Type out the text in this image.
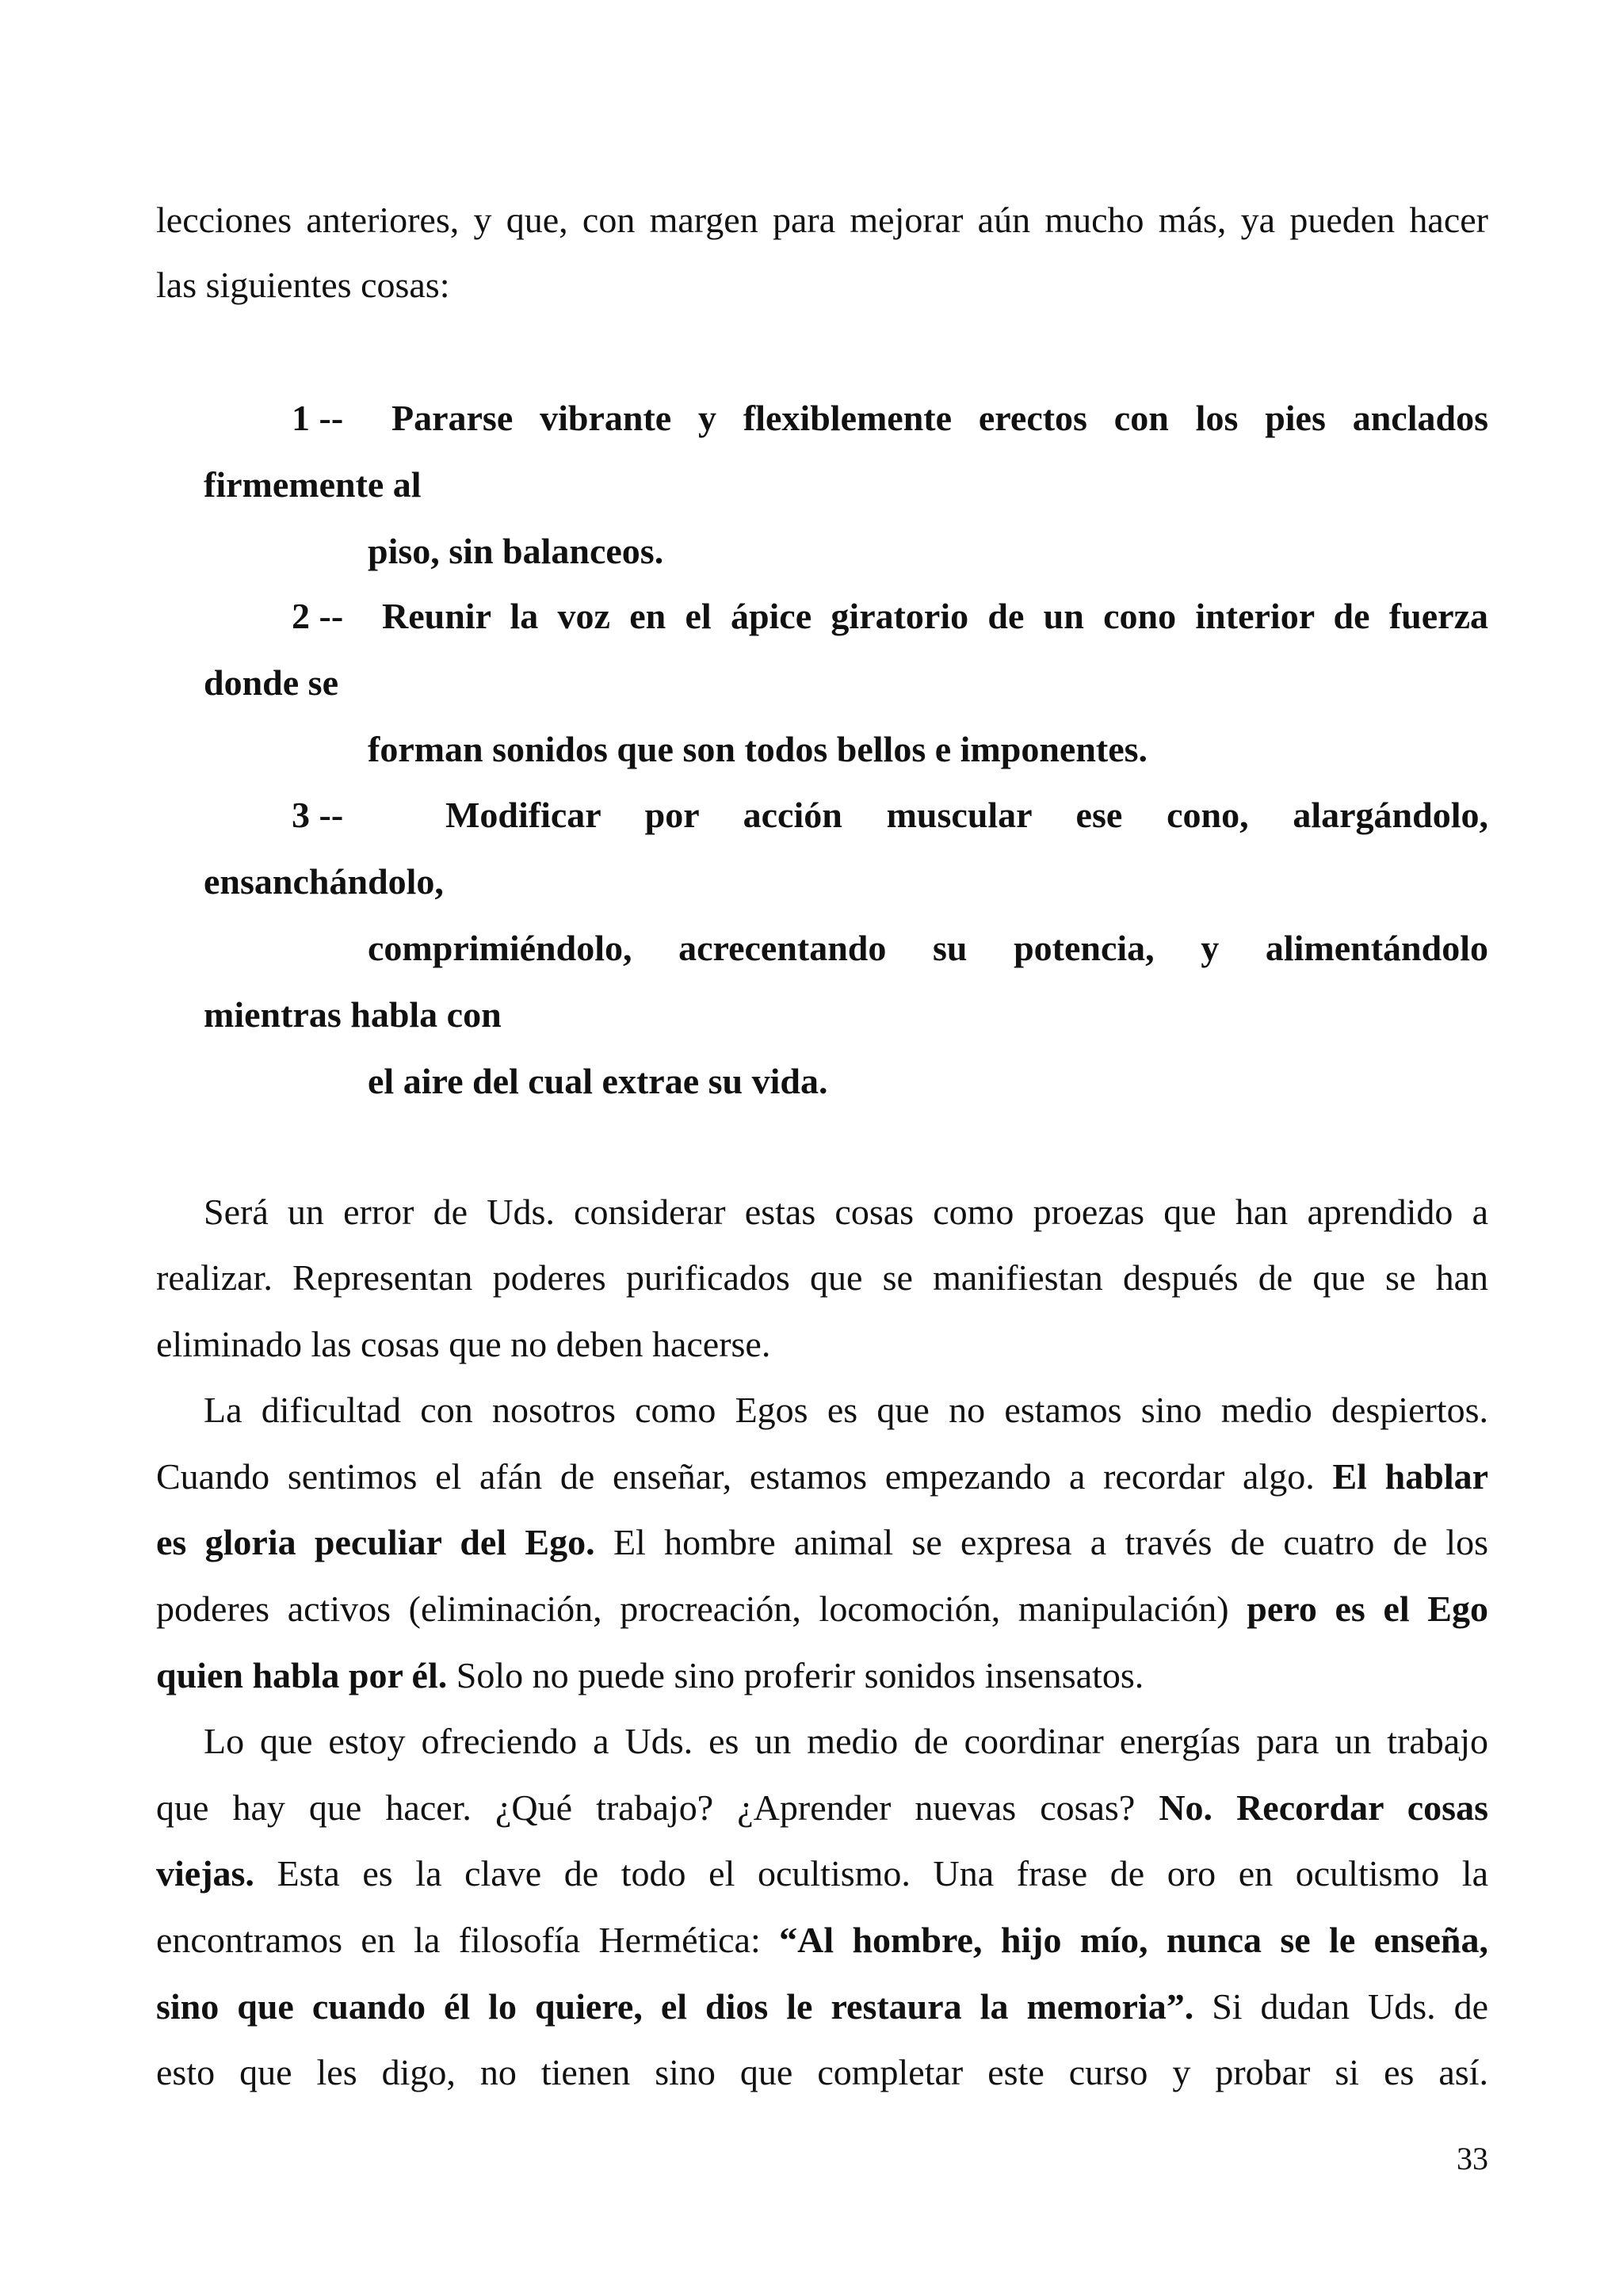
lecciones anteriores, y que, con margen para mejorar aún mucho más, ya pueden hacer
las siguientes cosas:
1 -- Pararse vibrante y flexiblemente erectos con los pies anclados
firmemente al
piso, sin balanceos.
2 -- Reunir la voz en el ápice giratorio de un cono interior de fuerza
donde se
forman sonidos que son todos bellos e imponentes.
3 --	Modificar por acción muscular ese cono, alargándolo,
ensanchándolo,
comprimiéndolo, acrecentando su potencia, y alimentándolo
mientras habla con
el aire del cual extrae su vida.
Será un error de Uds. considerar estas cosas como proezas que han aprendido a
realizar. Representan poderes purificados que se manifiestan después de que se han
eliminado las cosas que no deben hacerse.
La dificultad con nosotros como Egos es que no estamos sino medio despiertos.
Cuando sentimos el afán de enseñar, estamos empezando a recordar algo. El hablar
es gloria peculiar del Ego. El hombre animal se expresa a través de cuatro de los
poderes activos (eliminación, procreación, locomoción, manipulación) pero es el Ego
quien habla por él. Solo no puede sino proferir sonidos insensatos.
Lo que estoy ofreciendo a Uds. es un medio de coordinar energías para un trabajo
que hay que hacer. ¿Qué trabajo? ¿Aprender nuevas cosas? No. Recordar cosas
viejas. Esta es la clave de todo el ocultismo. Una frase de oro en ocultismo la
encontramos en la filosofía Hermética: “Al hombre, hijo mío, nunca se le enseña,
sino que cuando él lo quiere, el dios le restaura la memoria”. Si dudan Uds. de
esto que les digo, no tienen sino que completar este curso y probar si es así.
33
